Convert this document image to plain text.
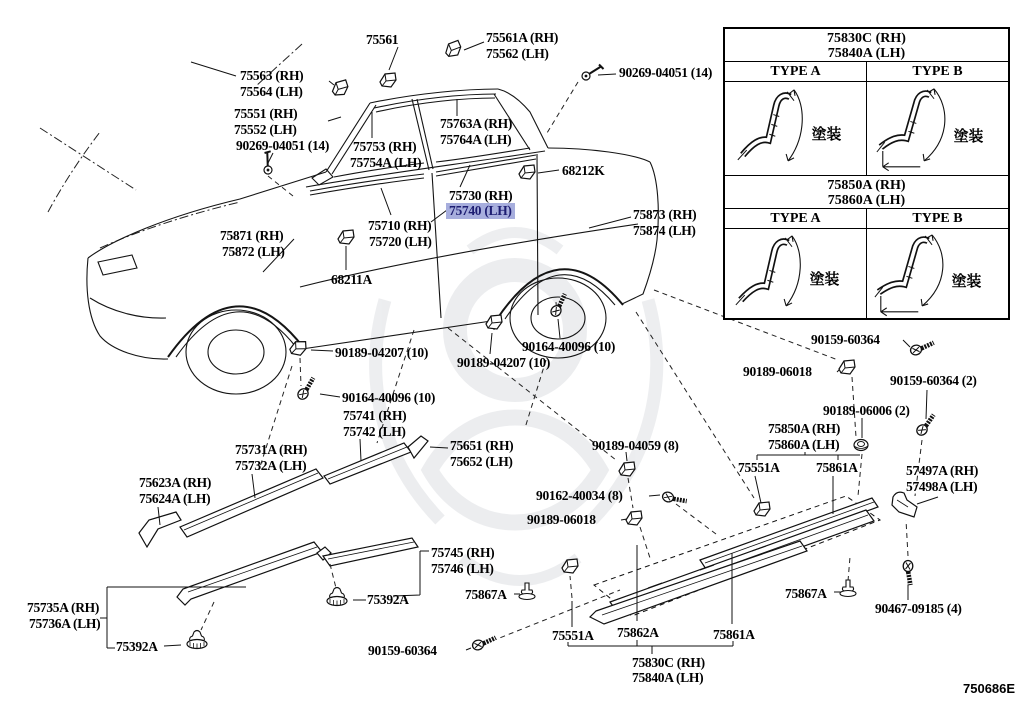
75561	75561A (RH)
75562 (LH)
90269-04051 (14)
75563 (RH)
75564 (LH)
75551 (RH)
75552 (LH)
90269-04051 (14) 75753 (RH)
75754A (LH)
75763A (RH)
75764A (LH)
68212K
75730 (RH)
75740 (LH)
75710 (RH)
75720 (LH)
75871 (RH)
75872 (LH)
68211A
75873 (RH)
75874 (LH)
90189-04207 (10)	90164-40096 (10)
90189-04207 (10)
90164-40096 (10)
75741 (RH)
75742 (LH)
75731A (RH)
75732A (LH)
75651 (RH)
75652 (LH)
75623A (RH)
75624A (LH)
90189-04059 (8)
90162-40034 (8)
90189-06018
90159-60364
90189-06018
90159-60364 (2)
90189-06006 (2)
75850A (RH)
75860A (LH)
75551A	75861A	57497A (RH)
57498A (LH)
75745 (RH)
75746 (LH)
75392A
75735A (RH)
75736A (LH)
75392A
75867A
90159-60364
75551A 75862A	75861A
75830C (RH)
75840A (LH)
75867A
90467-09185 (4)
75830C (RH)
75840A (LH)
TYPE A	TYPE B
塗装	塗装
75850A (RH)
75860A (LH)
TYPE A	TYPE B
塗装	塗装
750686E
